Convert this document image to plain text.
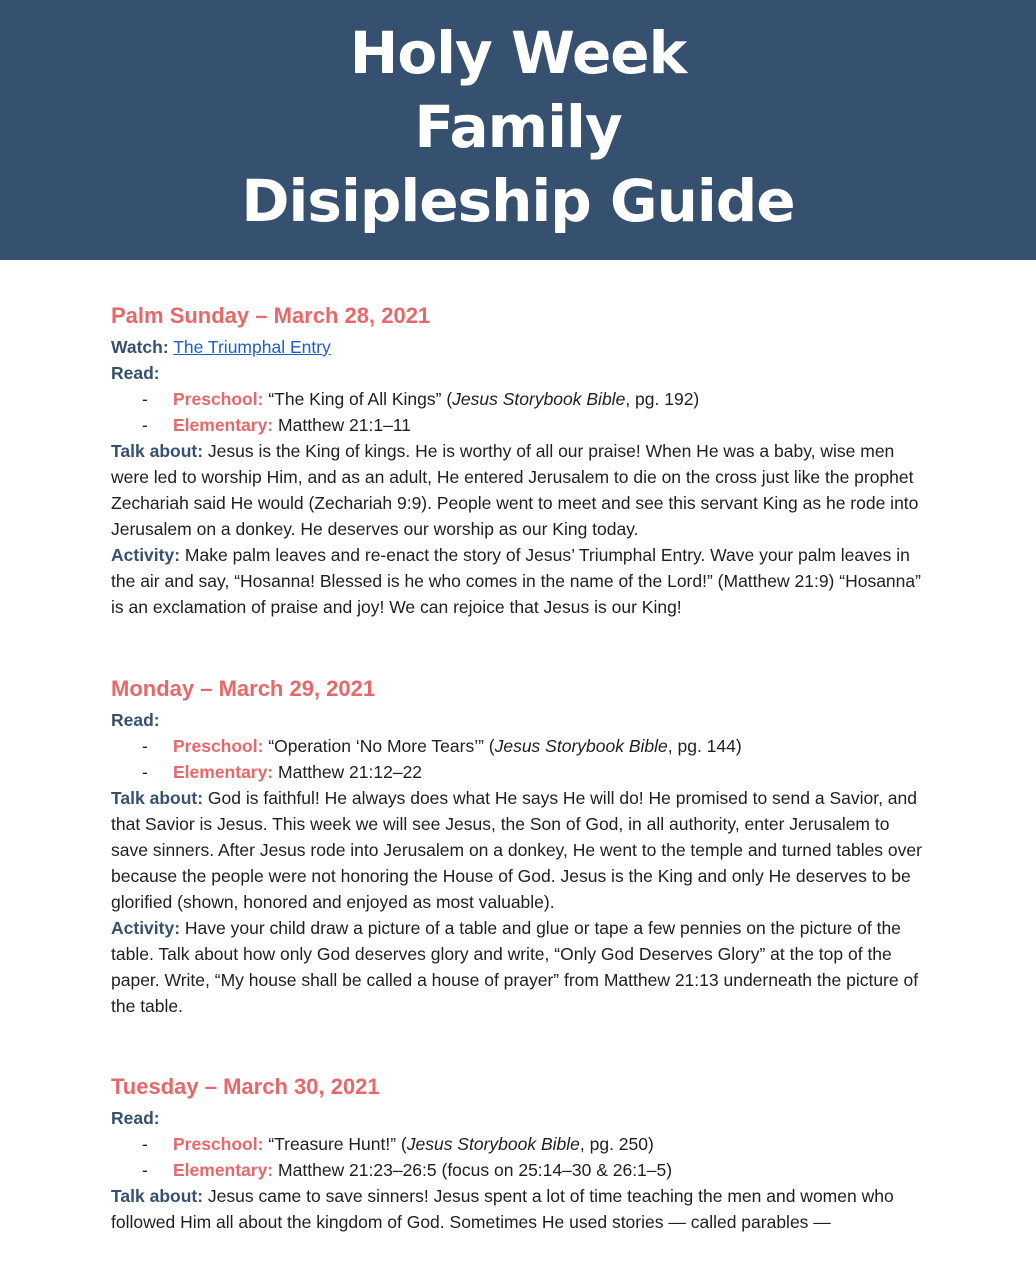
Holy Week Family Disipleship Guide
Palm Sunday – March 28, 2021

Watch: The Triumphal Entry

Read:

- Preschool: “The King of All Kings” (Jesus Storybook Bible, pg. 192)
- Elementary: Matthew 21:1–11

Talk about: Jesus is the King of kings. He is worthy of all our praise! When He was a baby, wise men were led to worship Him, and as an adult, He entered Jerusalem to die on the cross just like the prophet Zechariah said He would (Zechariah 9:9). People went to meet and see this servant King as he rode into Jerusalem on a donkey. He deserves our worship as our King today.

Activity: Make palm leaves and re-enact the story of Jesus’ Triumphal Entry. Wave your palm leaves in the air and say, “Hosanna! Blessed is he who comes in the name of the Lord!” (Matthew 21:9) “Hosanna” is an exclamation of praise and joy! We can rejoice that Jesus is our King!

Monday – March 29, 2021

Read:

- Preschool: “Operation ‘No More Tears’” (Jesus Storybook Bible, pg. 144)
- Elementary: Matthew 21:12–22

Talk about: God is faithful! He always does what He says He will do! He promised to send a Savior, and that Savior is Jesus. This week we will see Jesus, the Son of God, in all authority, enter Jerusalem to save sinners. After Jesus rode into Jerusalem on a donkey, He went to the temple and turned tables over because the people were not honoring the House of God. Jesus is the King and only He deserves to be glorified (shown, honored and enjoyed as most valuable).

Activity: Have your child draw a picture of a table and glue or tape a few pennies on the picture of the table. Talk about how only God deserves glory and write, “Only God Deserves Glory” at the top of the paper. Write, “My house shall be called a house of prayer” from Matthew 21:13 underneath the picture of the table.

Tuesday – March 30, 2021

Read:

- Preschool: “Treasure Hunt!” (Jesus Storybook Bible, pg. 250)
- Elementary: Matthew 21:23–26:5 (focus on 25:14–30 & 26:1–5)

Talk about: Jesus came to save sinners! Jesus spent a lot of time teaching the men and women who followed Him all about the kingdom of God. Sometimes He used stories — called parables —
